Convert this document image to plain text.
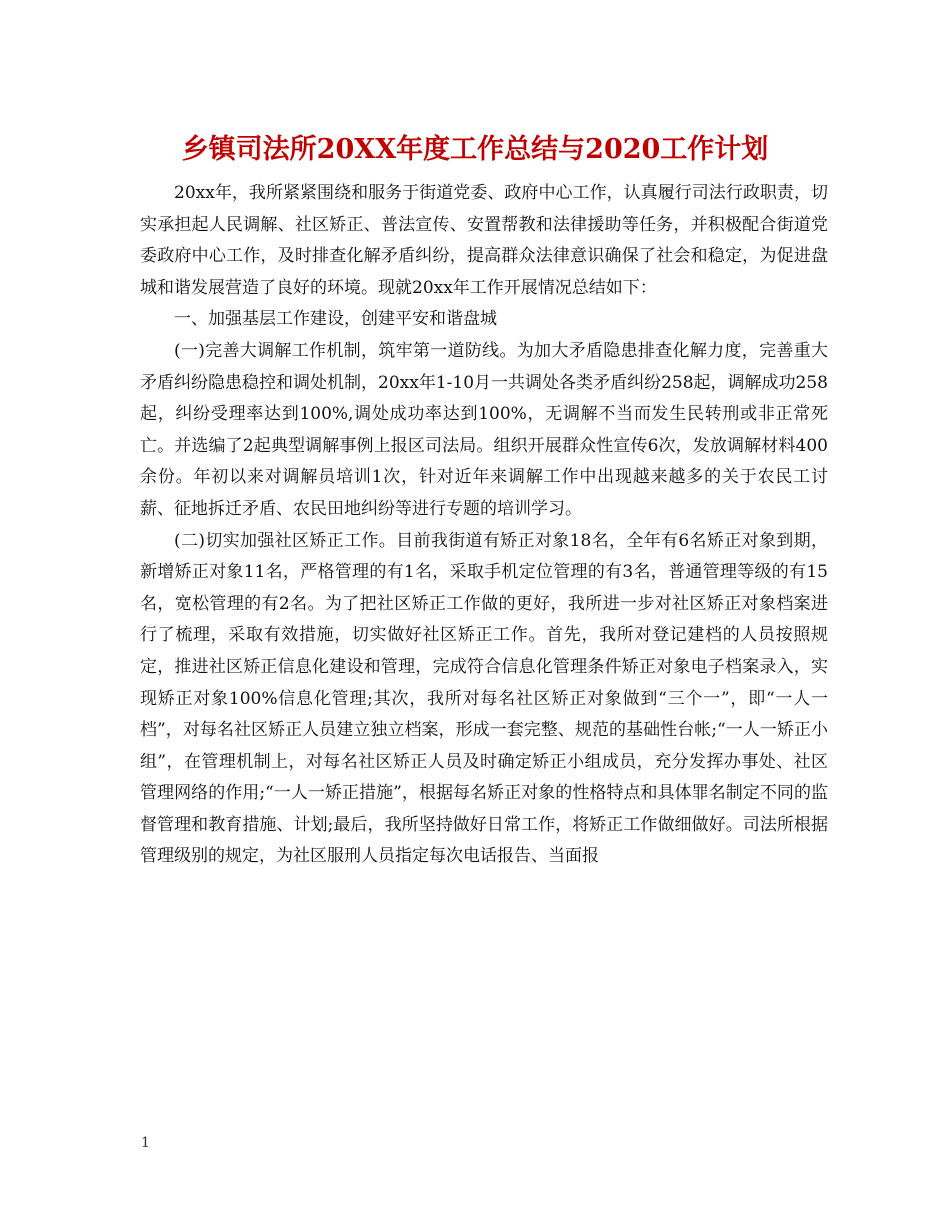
乡镇司法所20XX年度工作总结与2020工作计划

20xx年，我所紧紧围绕和服务于街道党委、政府中心工作，认真履行司法行政职责，切实承担起人民调解、社区矫正、普法宣传、安置帮教和法律援助等任务，并积极配合街道党委政府中心工作，及时排查化解矛盾纠纷，提高群众法律意识确保了社会和稳定，为促进盘城和谐发展营造了良好的环境。现就20xx年工作开展情况总结如下：

一、加强基层工作建设，创建平安和谐盘城

(一)完善大调解工作机制，筑牢第一道防线。为加大矛盾隐患排查化解力度，完善重大矛盾纠纷隐患稳控和调处机制，20xx年1-10月一共调处各类矛盾纠纷258起，调解成功258起，纠纷受理率达到100%,调处成功率达到100%，无调解不当而发生民转刑或非正常死亡。并选编了2起典型调解事例上报区司法局。组织开展群众性宣传6次，发放调解材料400余份。年初以来对调解员培训1次，针对近年来调解工作中出现越来越多的关于农民工讨薪、征地拆迁矛盾、农民田地纠纷等进行专题的培训学习。

(二)切实加强社区矫正工作。目前我街道有矫正对象18名，全年有6名矫正对象到期，新增矫正对象11名，严格管理的有1名，采取手机定位管理的有3名，普通管理等级的有15名，宽松管理的有2名。为了把社区矫正工作做的更好，我所进一步对社区矫正对象档案进行了梳理，采取有效措施，切实做好社区矫正工作。首先，我所对登记建档的人员按照规定，推进社区矫正信息化建设和管理，完成符合信息化管理条件矫正对象电子档案录入，实现矫正对象100%信息化管理;其次，我所对每名社区矫正对象做到“三个一”，即“一人一档”，对每名社区矫正人员建立独立档案，形成一套完整、规范的基础性台帐;“一人一矫正小组”，在管理机制上，对每名社区矫正人员及时确定矫正小组成员，充分发挥办事处、社区管理网络的作用;“一人一矫正措施”，根据每名矫正对象的性格特点和具体罪名制定不同的监督管理和教育措施、计划;最后，我所坚持做好日常工作，将矫正工作做细做好。司法所根据管理级别的规定，为社区服刑人员指定每次电话报告、当面报

1
